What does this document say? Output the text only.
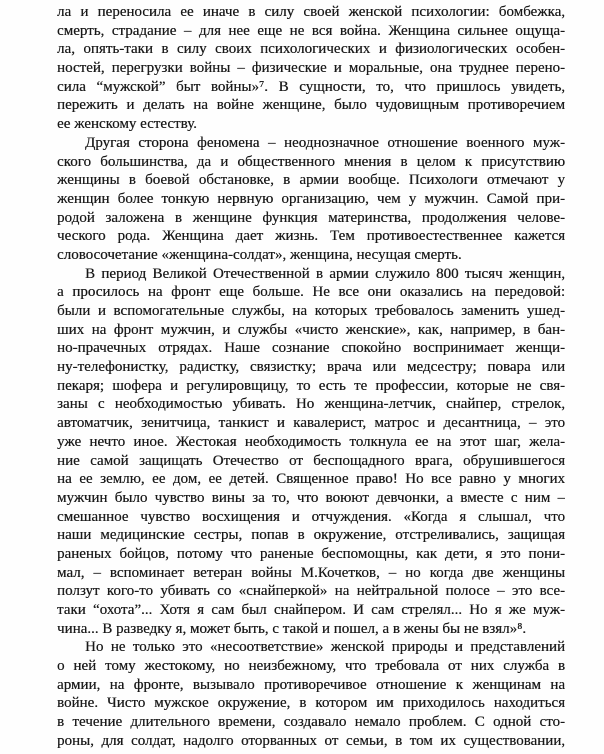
ла и переносила ее иначе в силу своей женской психологии: бомбежка,
смерть, страдание – для нее еще не вся война. Женщина сильнее ощуща-
ла, опять-таки в силу своих психологических и физиологических особен-
ностей, перегрузки войны – физические и моральные, она труднее перено-
сила “мужской” быт войны»⁷. В сущности, то, что пришлось увидеть,
пережить и делать на войне женщине, было чудовищным противоречием
ее женскому естеству.
Другая сторона феномена – неоднозначное отношение военного муж-
ского большинства, да и общественного мнения в целом к присутствию
женщины в боевой обстановке, в армии вообще. Психологи отмечают у
женщин более тонкую нервную организацию, чем у мужчин. Самой при-
родой заложена в женщине функция материнства, продолжения челове-
ческого рода. Женщина дает жизнь. Тем противоестественнее кажется
словосочетание «женщина-солдат», женщина, несущая смерть.
В период Великой Отечественной в армии служило 800 тысяч женщин,
а просилось на фронт еще больше. Не все они оказались на передовой:
были и вспомогательные службы, на которых требовалось заменить ушед-
ших на фронт мужчин, и службы «чисто женские», как, например, в бан-
но-прачечных отрядах. Наше сознание спокойно воспринимает женщи-
ну-телефонистку, радистку, связистку; врача или медсестру; повара или
пекаря; шофера и регулировщицу, то есть те профессии, которые не свя-
заны с необходимостью убивать. Но женщина-летчик, снайпер, стрелок,
автоматчик, зенитчица, танкист и кавалерист, матрос и десантница, – это
уже нечто иное. Жестокая необходимость толкнула ее на этот шаг, жела-
ние самой защищать Отечество от беспощадного врага, обрушившегося
на ее землю, ее дом, ее детей. Священное право! Но все равно у многих
мужчин было чувство вины за то, что воюют девчонки, а вместе с ним –
смешанное чувство восхищения и отчуждения. «Когда я слышал, что
наши медицинские сестры, попав в окружение, отстреливались, защищая
раненых бойцов, потому что раненые беспомощны, как дети, я это пони-
мал, – вспоминает ветеран войны М.Кочетков, – но когда две женщины
ползут кого-то убивать со «снайперкой» на нейтральной полосе – это все-
таки “охота”... Хотя я сам был снайпером. И сам стрелял... Но я же муж-
чина... В разведку я, может быть, с такой и пошел, а в жены бы не взял»⁸.
Но не только это «несоответствие» женской природы и представлений
о ней тому жестокому, но неизбежному, что требовала от них служба в
армии, на фронте, вызывало противоречивое отношение к женщинам на
войне. Чисто мужское окружение, в котором им приходилось находиться
в течение длительного времени, создавало немало проблем. С одной сто-
роны, для солдат, надолго оторванных от семьи, в том их существовании,
